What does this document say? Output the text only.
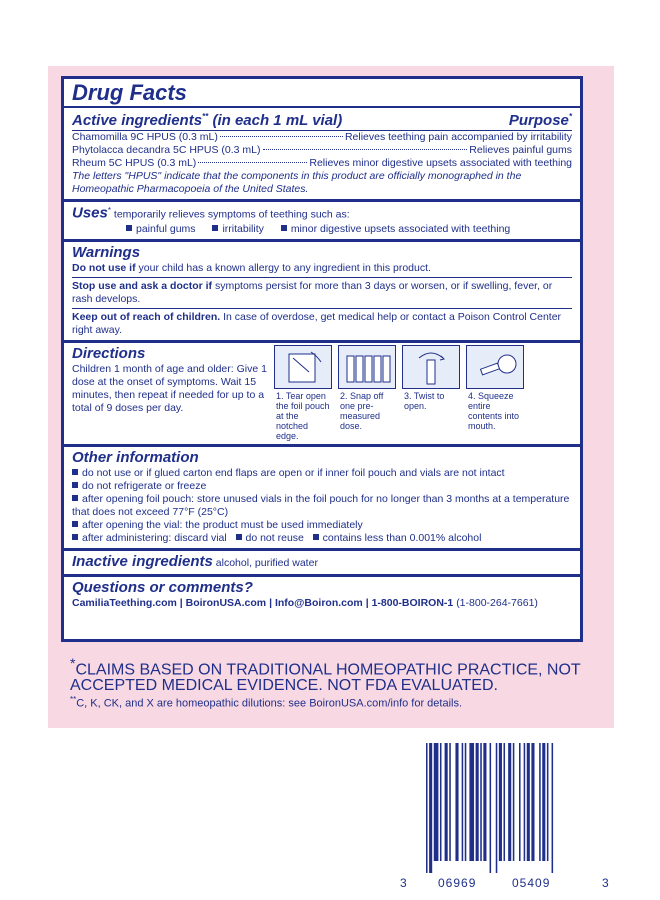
Drug Facts
Active ingredients** (in each 1 mL vial)	Purpose*
Chamomilla 9C HPUS (0.3 mL)	Relieves teething pain accompanied by irritability
Phytolacca decandra 5C HPUS (0.3 mL)	Relieves painful gums
Rheum 5C HPUS (0.3 mL)	Relieves minor digestive upsets associated with teething
The letters "HPUS" indicate that the components in this product are officially monographed in the Homeopathic Pharmacopoeia of the United States.
Uses* temporarily relieves symptoms of teething such as:
painful gums	irritability	minor digestive upsets associated with teething
Warnings
Do not use if your child has a known allergy to any ingredient in this product.
Stop use and ask a doctor if symptoms persist for more than 3 days or worsen, or if swelling, fever, or rash develops.
Keep out of reach of children. In case of overdose, get medical help or contact a Poison Control Center right away.
Directions
Children 1 month of age and older: Give 1 dose at the onset of symptoms. Wait 15 minutes, then repeat if needed for up to a total of 9 doses per day.
1. Tear open the foil pouch at the notched edge.
2. Snap off one pre-measured dose.
3. Twist to open.
4. Squeeze entire contents into mouth.
Other information
do not use or if glued carton end flaps are open or if inner foil pouch and vials are not intact
do not refrigerate or freeze
after opening foil pouch: store unused vials in the foil pouch for no longer than 3 months at a temperature that does not exceed 77°F (25°C)
after opening the vial: the product must be used immediately
after administering: discard vial do not reuse contains less than 0.001% alcohol
Inactive ingredients alcohol, purified water
Questions or comments?
CamiliaTeething.com | BoironUSA.com | Info@Boiron.com | 1-800-BOIRON-1 (1-800-264-7661)
*CLAIMS BASED ON TRADITIONAL HOMEOPATHIC PRACTICE, NOT ACCEPTED MEDICAL EVIDENCE. NOT FDA EVALUATED.
**C, K, CK, and X are homeopathic dilutions: see BoironUSA.com/info for details.
3	06969	05409	3
